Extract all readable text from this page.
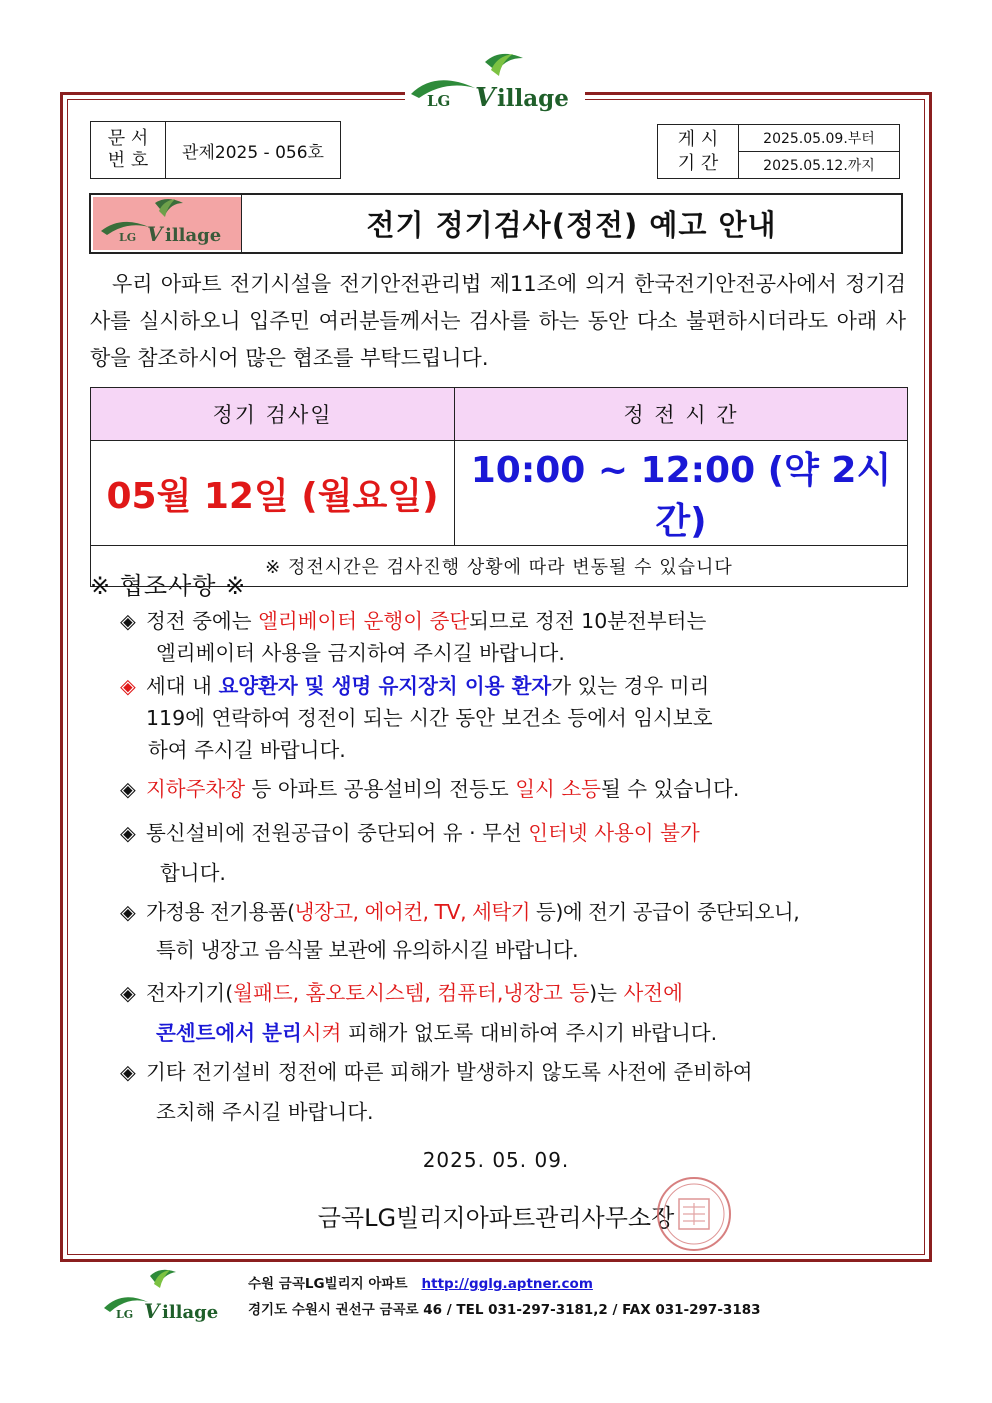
LG V illage
문 서
번 호	관제2025 - 056호
게 시
기 간
	2025.05.09.부터
2025.05.12.까지
LG V illage	전기 정기검사(정전) 예고 안내
우리 아파트 전기시설을 전기안전관리법 제11조에 의거 한국전기안전공사에서 정기검사를 실시하오니 입주민 여러분들께서는 검사를 하는 동안 다소 불편하시더라도 아래 사항을 참조하시어 많은 협조를 부탁드립니다.
정기 검사일	정 전 시 간
05월 12일 (월요일)	10:00 ~ 12:00 (약 2시간)
※ 정전시간은 검사진행 상황에 따라 변동될 수 있습니다	
※ 협조사항 ※
◈ 정전 중에는 엘리베이터 운행이 중단되므로 정전 10분전부터는
엘리베이터 사용을 금지하여 주시길 바랍니다.
◈ 세대 내 요양환자 및 생명 유지장치 이용 환자가 있는 경우 미리
119에 연락하여 정전이 되는 시간 동안 보건소 등에서 임시보호
하여 주시길 바랍니다.
◈ 지하주차장 등 아파트 공용설비의 전등도 일시 소등될 수 있습니다.
◈ 통신설비에 전원공급이 중단되어 유 · 무선 인터넷 사용이 불가
합니다.
◈ 가정용 전기용품(냉장고, 에어컨, TV, 세탁기 등)에 전기 공급이 중단되오니,
특히 냉장고 음식물 보관에 유의하시길 바랍니다.
◈ 전자기기(월패드, 홈오토시스템, 컴퓨터,냉장고 등)는 사전에
콘센트에서 분리시켜 피해가 없도록 대비하여 주시기 바랍니다.
◈ 기타 전기설비 정전에 따른 피해가 발생하지 않도록 사전에 준비하여
조치해 주시길 바랍니다.
2025. 05. 09.
금곡LG빌리지아파트관리사무소장
LG V illage
수원 금곡LG빌리지 아파트 http://gglg.aptner.com
경기도 수원시 권선구 금곡로 46 / TEL 031-297-3181,2 / FAX 031-297-3183
